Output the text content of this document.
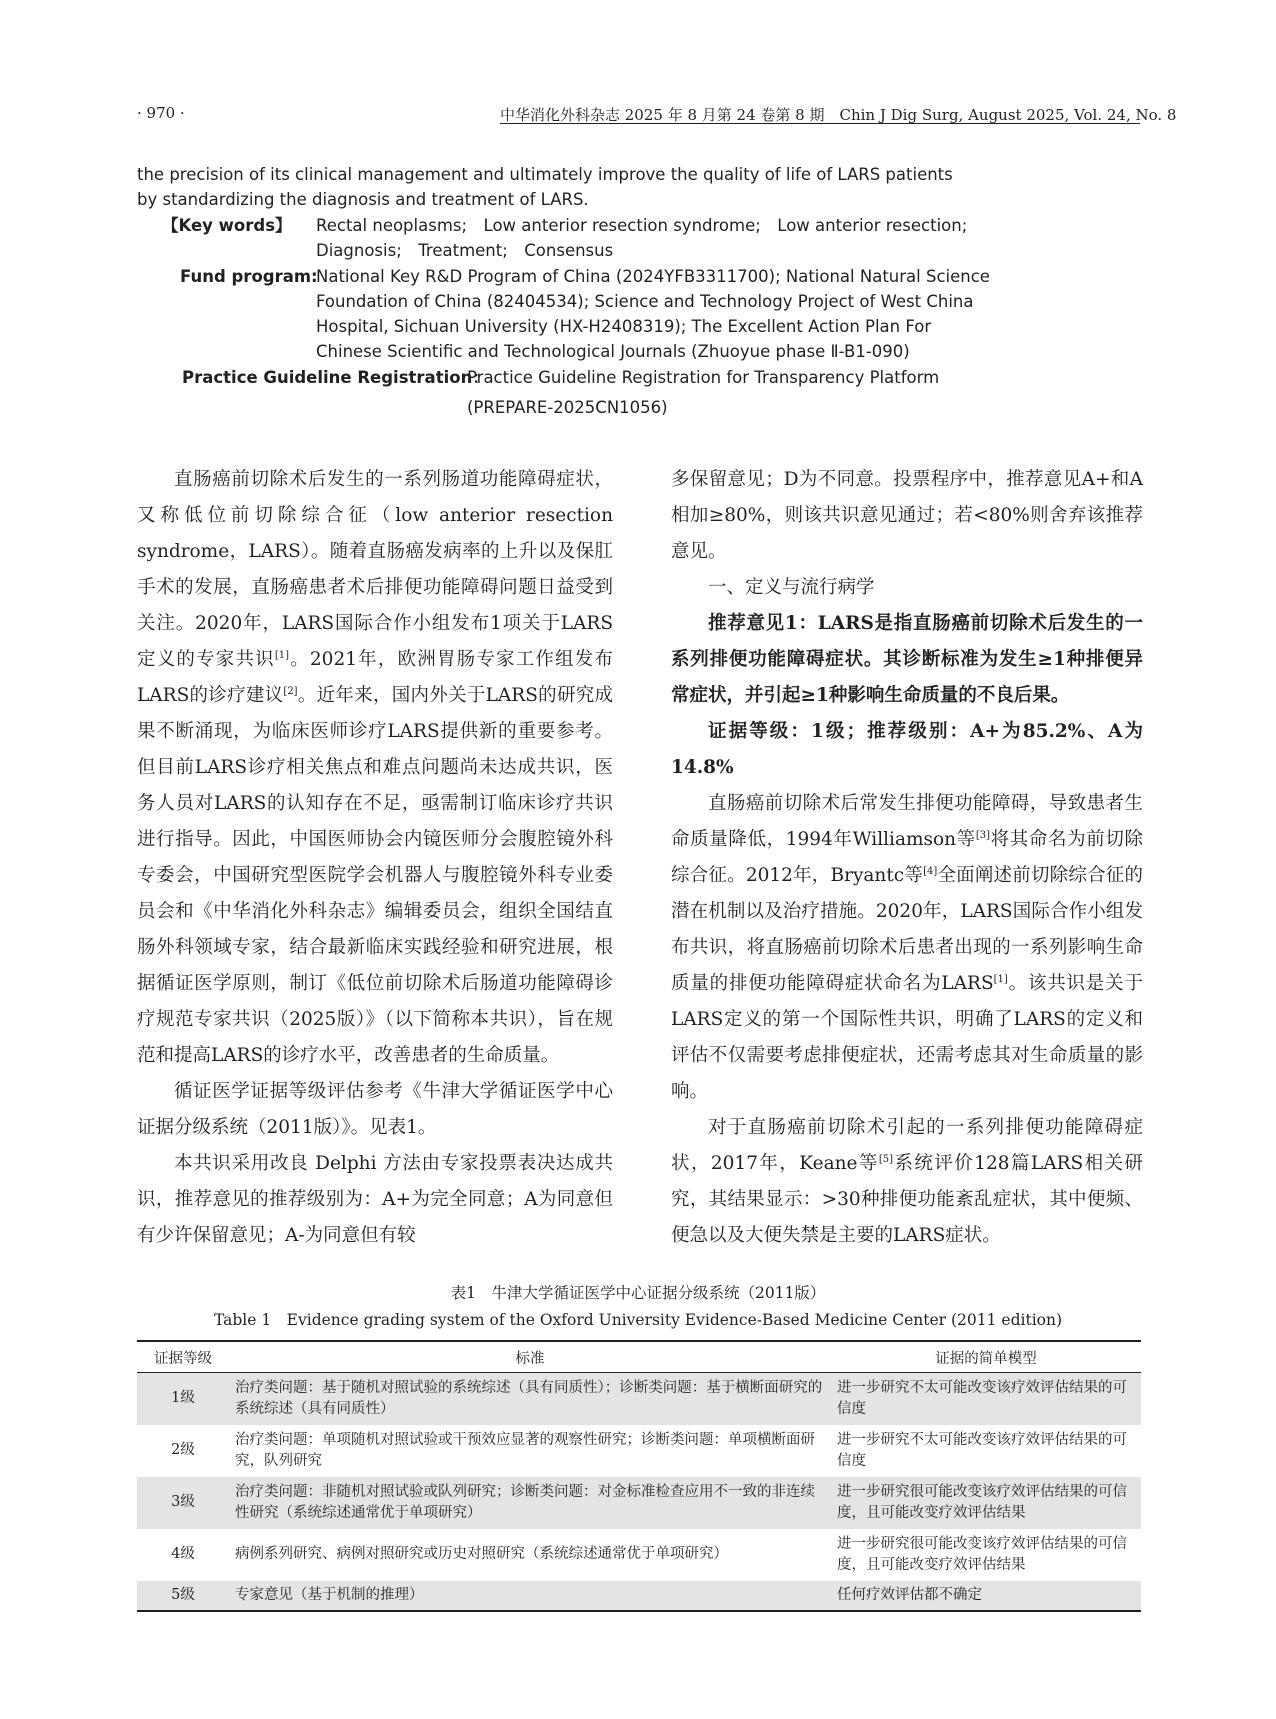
· 970 ·	中华消化外科杂志 2025 年 8 月第 24 卷第 8 期　Chin J Dig Surg, August 2025, Vol. 24, No. 8
the precision of its clinical management and ultimately improve the quality of life of LARS patients
by standardizing the diagnosis and treatment of LARS.
【Key words】 Rectal neoplasms;　Low anterior resection syndrome;　Low anterior resection;
Diagnosis;　Treatment;　Consensus
Fund program:
National Key R&D Program of China (2024YFB3311700); National Natural Science
Foundation of China (82404534); Science and Technology Project of West China
Hospital, Sichuan University (HX-H2408319); The Excellent Action Plan For
Chinese Scientific and Technological Journals (Zhuoyue phase Ⅱ-B1-090)
Practice Guideline Registration：
Practice Guideline Registration for Transparency Platform
(PREPARE-2025CN1056)

直肠癌前切除术后发生的一系列肠道功能障碍症状，又称低位前切除综合征（low anterior resection syndrome，LARS）。随着直肠癌发病率的上升以及保肛手术的发展，直肠癌患者术后排便功能障碍问题日益受到关注。2020年，LARS国际合作小组发布1项关于LARS定义的专家共识[1]。2021年，欧洲胃肠专家工作组发布LARS的诊疗建议[2]。近年来，国内外关于LARS的研究成果不断涌现，为临床医师诊疗LARS提供新的重要参考。但目前LARS诊疗相关焦点和难点问题尚未达成共识，医务人员对LARS的认知存在不足，亟需制订临床诊疗共识进行指导。因此，中国医师协会内镜医师分会腹腔镜外科专委会，中国研究型医院学会机器人与腹腔镜外科专业委员会和《中华消化外科杂志》编辑委员会，组织全国结直肠外科领域专家，结合最新临床实践经验和研究进展，根据循证医学原则，制订《低位前切除术后肠道功能障碍诊疗规范专家共识（2025版）》（以下简称本共识），旨在规范和提高LARS的诊疗水平，改善患者的生命质量。

循证医学证据等级评估参考《牛津大学循证医学中心证据分级系统（2011版）》。见表1。

本共识采用改良 Delphi 方法由专家投票表决达成共识，推荐意见的推荐级别为：A+为完全同意；A为同意但有少许保留意见；A-为同意但有较

多保留意见；D为不同意。投票程序中，推荐意见A+和A相加≥80%，则该共识意见通过；若<80%则舍弃该推荐意见。

一、定义与流行病学

推荐意见1：LARS是指直肠癌前切除术后发生的一系列排便功能障碍症状。其诊断标准为发生≥1种排便异常症状，并引起≥1种影响生命质量的不良后果。

证据等级：1级；推荐级别：A+为85.2%、A为14.8%

直肠癌前切除术后常发生排便功能障碍，导致患者生命质量降低，1994年Williamson等[3]将其命名为前切除综合征。2012年，Bryantc等[4]全面阐述前切除综合征的潜在机制以及治疗措施。2020年，LARS国际合作小组发布共识，将直肠癌前切除术后患者出现的一系列影响生命质量的排便功能障碍症状命名为LARS[1]。该共识是关于LARS定义的第一个国际性共识，明确了LARS的定义和评估不仅需要考虑排便症状，还需考虑其对生命质量的影响。

对于直肠癌前切除术引起的一系列排便功能障碍症状，2017年，Keane等[5]系统评价128篇LARS相关研究，其结果显示：>30种排便功能紊乱症状，其中便频、便急以及大便失禁是主要的LARS症状。

表1　牛津大学循证医学中心证据分级系统（2011版）
Table 1　Evidence grading system of the Oxford University Evidence-Based Medicine Center (2011 edition)
证据等级	标准	证据的简单模型
1级	治疗类问题：基于随机对照试验的系统综述（具有同质性）；诊断类问题：基于横断面研究的系统综述（具有同质性）	进一步研究不太可能改变该疗效评估结果的可信度
2级	治疗类问题：单项随机对照试验或干预效应显著的观察性研究；诊断类问题：单项横断面研究，队列研究	进一步研究不太可能改变该疗效评估结果的可信度
3级	治疗类问题：非随机对照试验或队列研究；诊断类问题：对金标准检查应用不一致的非连续性研究（系统综述通常优于单项研究）	进一步研究很可能改变该疗效评估结果的可信度，且可能改变疗效评估结果
4级	病例系列研究、病例对照研究或历史对照研究（系统综述通常优于单项研究）	进一步研究很可能改变该疗效评估结果的可信度，且可能改变疗效评估结果
5级	专家意见（基于机制的推理）	任何疗效评估都不确定
